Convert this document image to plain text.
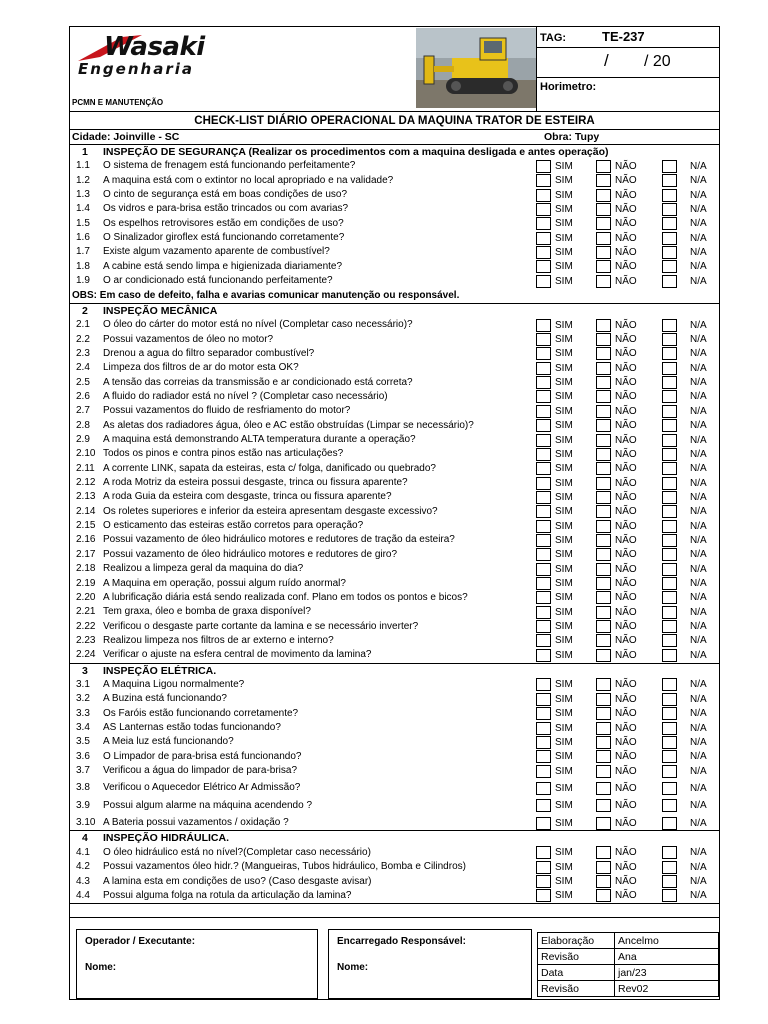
Wasaki
Engenharia
PCMN E MANUTENÇÃO
TAG:	TE-237
/ / 20
Horimetro:
CHECK-LIST DIÁRIO OPERACIONAL DA MAQUINA TRATOR DE ESTEIRA
Cidade: Joinville - SC	Obra: Tupy
1 INSPEÇÃO DE SEGURANÇA (Realizar os procedimentos com a maquina desligada e antes operação)
1.1 O sistema de frenagem está funcionando perfeitamente?	SIM	NÃO	N/A
1.2 A maquina está com o extintor no local apropriado e na validade?	SIM	NÃO	N/A
1.3 O cinto de segurança está em boas condições de uso?	SIM	NÃO	N/A
1.4 Os vidros e para-brisa estão trincados ou com avarias?	SIM	NÃO	N/A
1.5 Os espelhos retrovisores estão em condições de uso?	SIM	NÃO	N/A
1.6 O Sinalizador giroflex está funcionando corretamente?	SIM	NÃO	N/A
1.7 Existe algum vazamento aparente de combustível?	SIM	NÃO	N/A
1.8 A cabine está sendo limpa e higienizada diariamente?	SIM	NÃO	N/A
1.9 O ar condicionado está funcionando perfeitamente?	SIM	NÃO	N/A
OBS: Em caso de defeito, falha e avarias comunicar manutenção ou responsável.
2 INSPEÇÃO MECÂNICA
2.1 O óleo do cárter do motor está no nível (Completar caso necessário)?	SIM	NÃO	N/A
2.2 Possui vazamentos de óleo no motor?	SIM	NÃO	N/A
2.3 Drenou a agua do filtro separador combustível?	SIM	NÃO	N/A
2.4 Limpeza dos filtros de ar do motor esta OK?	SIM	NÃO	N/A
2.5 A tensão das correias da transmissão e ar condicionado está correta?	SIM	NÃO	N/A
2.6 A fluido do radiador está no nível ? (Completar caso necessário)	SIM	NÃO	N/A
2.7 Possui vazamentos do fluido de resfriamento do motor?	SIM	NÃO	N/A
2.8 As aletas dos radiadores água, óleo e AC estão obstruídas (Limpar se necessário)?	SIM	NÃO	N/A
2.9 A maquina está demonstrando ALTA temperatura durante a operação?	SIM	NÃO	N/A
2.10 Todos os pinos e contra pinos estão nas articulações?	SIM	NÃO	N/A
2.11 A corrente LINK, sapata da esteiras, esta c/ folga, danificado ou quebrado?	SIM	NÃO	N/A
2.12 A roda Motriz da esteira possui desgaste, trinca ou fissura aparente?	SIM	NÃO	N/A
2.13 A roda Guia da esteira com desgaste, trinca ou fissura aparente?	SIM	NÃO	N/A
2.14 Os roletes superiores e inferior da esteira apresentam desgaste excessivo?	SIM	NÃO	N/A
2.15 O esticamento das esteiras estão corretos para operação?	SIM	NÃO	N/A
2.16 Possui vazamento de óleo hidráulico motores e redutores de tração da esteira?	SIM	NÃO	N/A
2.17 Possui vazamento de óleo hidráulico motores e redutores de giro?	SIM	NÃO	N/A
2.18 Realizou a limpeza geral da maquina do dia?	SIM	NÃO	N/A
2.19 A Maquina em operação, possui algum ruído anormal?	SIM	NÃO	N/A
2.20 A lubrificação diária está sendo realizada conf. Plano em todos os pontos e bicos?	SIM	NÃO	N/A
2.21 Tem graxa, óleo e bomba de graxa disponível?	SIM	NÃO	N/A
2.22 Verificou o desgaste parte cortante da lamina e se necessário inverter?	SIM	NÃO	N/A
2.23 Realizou limpeza nos filtros de ar externo e interno?	SIM	NÃO	N/A
2.24 Verificar o ajuste na esfera central de movimento da lamina?	SIM	NÃO	N/A
3 INSPEÇÃO ELÉTRICA.
3.1 A Maquina Ligou normalmente?	SIM	NÃO	N/A
3.2 A Buzina está funcionando?	SIM	NÃO	N/A
3.3 Os Faróis estão funcionando corretamente?	SIM	NÃO	N/A
3.4 AS Lanternas estão todas funcionando?	SIM	NÃO	N/A
3.5 A Meia luz está funcionando?	SIM	NÃO	N/A
3.6 O Limpador de para-brisa está funcionando?	SIM	NÃO	N/A
3.7 Verificou a água do limpador de para-brisa?	SIM	NÃO	N/A
3.8 Verificou o Aquecedor Elétrico Ar Admissão?	SIM	NÃO	N/A
3.9 Possui algum alarme na máquina acendendo ?	SIM	NÃO	N/A
3.10 A Bateria possui vazamentos / oxidação ?	SIM	NÃO	N/A
4 INSPEÇÃO HIDRÁULICA.
4.1 O óleo hidráulico está no nível?(Completar caso necessário)	SIM	NÃO	N/A
4.2 Possui vazamentos óleo hidr.? (Mangueiras, Tubos hidráulico, Bomba e Cilindros)	SIM	NÃO	N/A
4.3 A lamina esta em condições de uso? (Caso desgaste avisar)	SIM	NÃO	N/A
4.4 Possui alguma folga na rotula da articulação da lamina?	SIM	NÃO	N/A
Operador / Executante:
Nome:
Encarregado Responsável:
Nome:
Elaboração Ancelmo
Revisão	Ana
Data	jan/23
Revisão	Rev02
